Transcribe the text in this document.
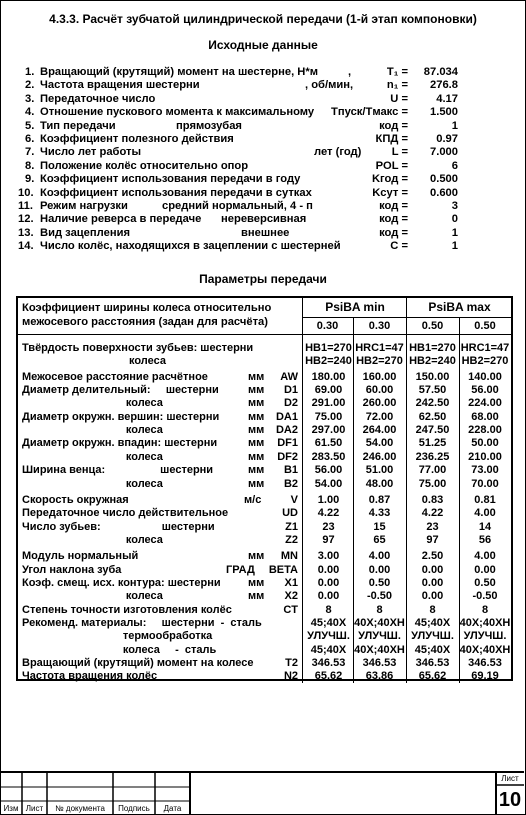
4.3.3. Расчёт зубчатой цилиндрической передачи (1-й этап компоновки)
Исходные данные
1. Вращающий (крутящий) момент на шестерне, Н*м	,	T₁ =	87.034
2. Частота вращения шестерни	, об/мин,	n₁ =	276.8
3. Передаточное число	U =	4.17
4. Отношение пускового момента к максимальному Tпуск/Tмакс =	1.500
5. Тип передачи	прямозубая	код =	1
6. Коэффициент полезного действия	КПД =	0.97
7. Число лет работы	лет (год)	L =	7.000
8. Положение колёс относительно опор	POL =	6
9. Коэффициент использования передачи в году	Kгод =	0.500
10. Коэффициент использования передачи в сутках	Kсут =	0.600
11. Режим нагрузки	средний нормальный, 4 - п	код =	3
12. Наличие реверса в передаче нереверсивная	код =	0
13. Вид зацепления	внешнее	код =	1
14. Число колёс, находящихся в зацеплении с шестерней	C =	1
Параметры передачи
Коэффициент ширины колеса относительно
межосевого расстояния (задан для расчёта)
PsiBA min	PsiBA max
0.30	0.30	0.50	0.50
Твёрдость поверхности зубьев: шестерни	HB1=270 HRC1=47 HB1=270 HRC1=47
колеса	HB2=240 HB2=270 HB2=240 HB2=270
Межосевое расстояние расчётное	мм AW	180.00	160.00	150.00	140.00
Диаметр делительный:     шестерни	мм D1	69.00	60.00	57.50	56.00
колеса	мм D2	291.00	260.00	242.50	224.00
Диаметр окружн. вершин: шестерни	мм DA1	75.00	72.00	62.50	68.00
колеса	мм DA2	297.00	264.00	247.50	228.00
Диаметр окружн. впадин: шестерни	мм DF1	61.50	54.00	51.25	50.00
колеса	мм DF2	283.50	246.00	236.25	210.00
Ширина венца:                  шестерни	мм B1	56.00	51.00	77.00	73.00
колеса	мм B2	54.00	48.00	75.00	70.00
Скорость окружная	м/с	V	1.00	0.87	0.83	0.81
Передаточное число действительное	UD	4.22	4.33	4.22	4.00
Число зубьев:                    шестерни	Z1	23	15	23	14
колеса	Z2	97	65	97	56
Модуль нормальный	мм MN	3.00	4.00	2.50	4.00
Угол наклона зуба	ГРАД BETA	0.00	0.00	0.00	0.00
Коэф. смещ. исх. контура: шестерни мм X1	0.00	0.50	0.00	0.50
колеса	мм X2	0.00	-0.50	0.00	-0.50
Степень точности изготовления колёс	CT	8	8	8	8
Рекоменд. материалы:     шестерни  -  сталь	45;40X 40X;40XH 45;40X 40X;40XH
термообработка	УЛУЧШ. УЛУЧШ. УЛУЧШ. УЛУЧШ.
колеса     -  сталь	45;40X 40X;40XH 45;40X 40X;40XH
Вращающий (крутящий) момент на колесе	T2	346.53	346.53	346.53	346.53
Частота вращения колёс	N2	65.62	63.86	65.62	69.19
Изм Лист	№ документа	Подпись	Дата
Лист
10
